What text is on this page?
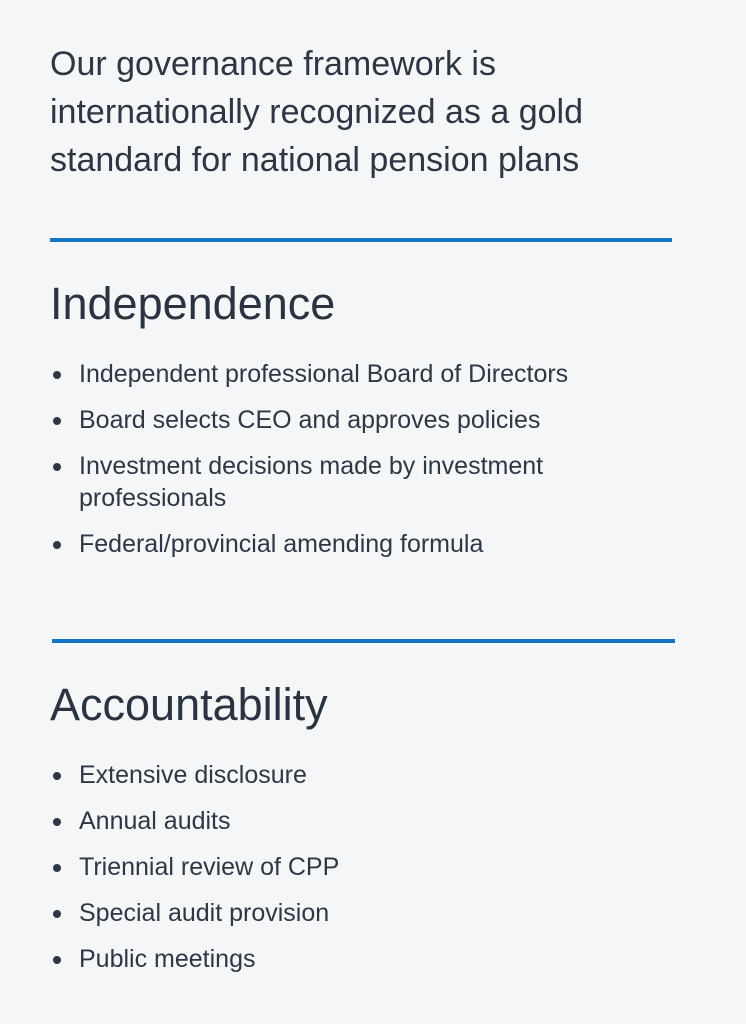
Our governance framework is internationally recognized as a gold standard for national pension plans

Independence
Independent professional Board of Directors
Board selects CEO and approves policies
Investment decisions made by investment professionals
Federal/provincial amending formula
Accountability
Extensive disclosure
Annual audits
Triennial review of CPP
Special audit provision
Public meetings
